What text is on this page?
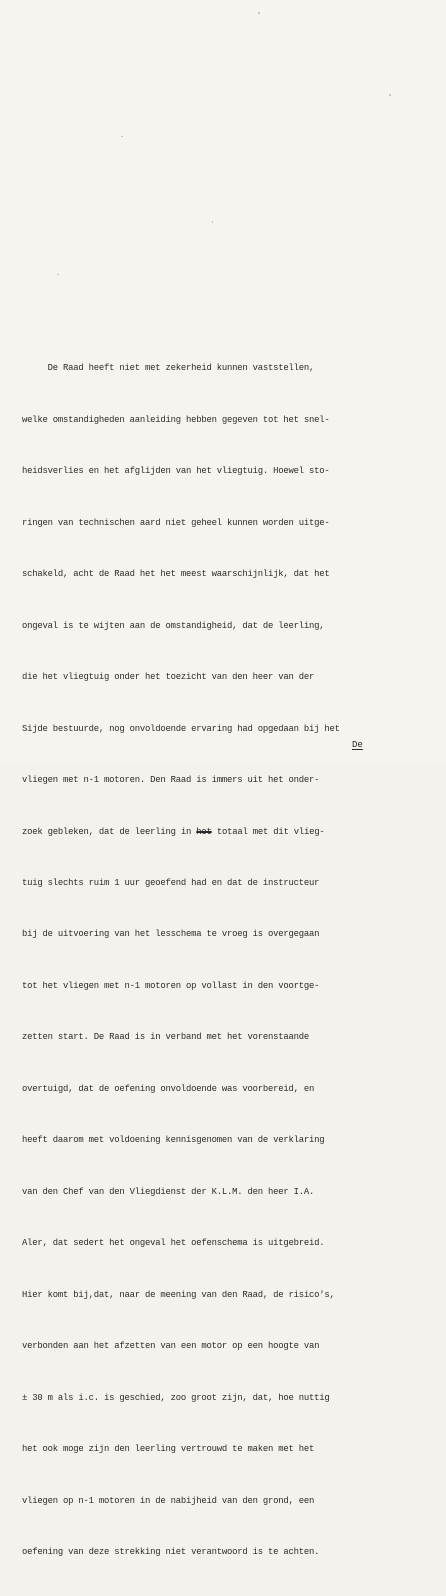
De Raad heeft niet met zekerheid kunnen vaststellen,

welke omstandigheden aanleiding hebben gegeven tot het snel-

heidsverlies en het afglijden van het vliegtuig. Hoewel sto-

ringen van technischen aard niet geheel kunnen worden uitge-

schakeld, acht de Raad het het meest waarschijnlijk, dat het

ongeval is te wijten aan de omstandigheid, dat de leerling,

die het vliegtuig onder het toezicht van den heer van der

Sijde bestuurde, nog onvoldoende ervaring had opgedaan bij het

vliegen met n-1 motoren. Den Raad is immers uit het onder-

zoek gebleken, dat de leerling in het totaal met dit vlieg-

tuig slechts ruim 1 uur geoefend had en dat de instructeur

bij de uitvoering van het lesschema te vroeg is overgegaan

tot het vliegen met n-1 motoren op vollast in den voortge-

zetten start. De Raad is in verband met het vorenstaande

overtuigd, dat de oefening onvoldoende was voorbereid, en

heeft daarom met voldoening kennisgenomen van de verklaring

van den Chef van den Vliegdienst der K.L.M. den heer I.A.

Aler, dat sedert het ongeval het oefenschema is uitgebreid.

Hier komt bij,dat, naar de meening van den Raad, de risico's,

verbonden aan het afzetten van een motor op een hoogte van

± 30 m als i.c. is geschied, zoo groot zijn, dat, hoe nuttig

het ook moge zijn den leerling vertrouwd te maken met het

vliegen op n-1 motoren in de nabijheid van den grond, een

oefening van deze strekking niet verantwoord is te achten.

De
